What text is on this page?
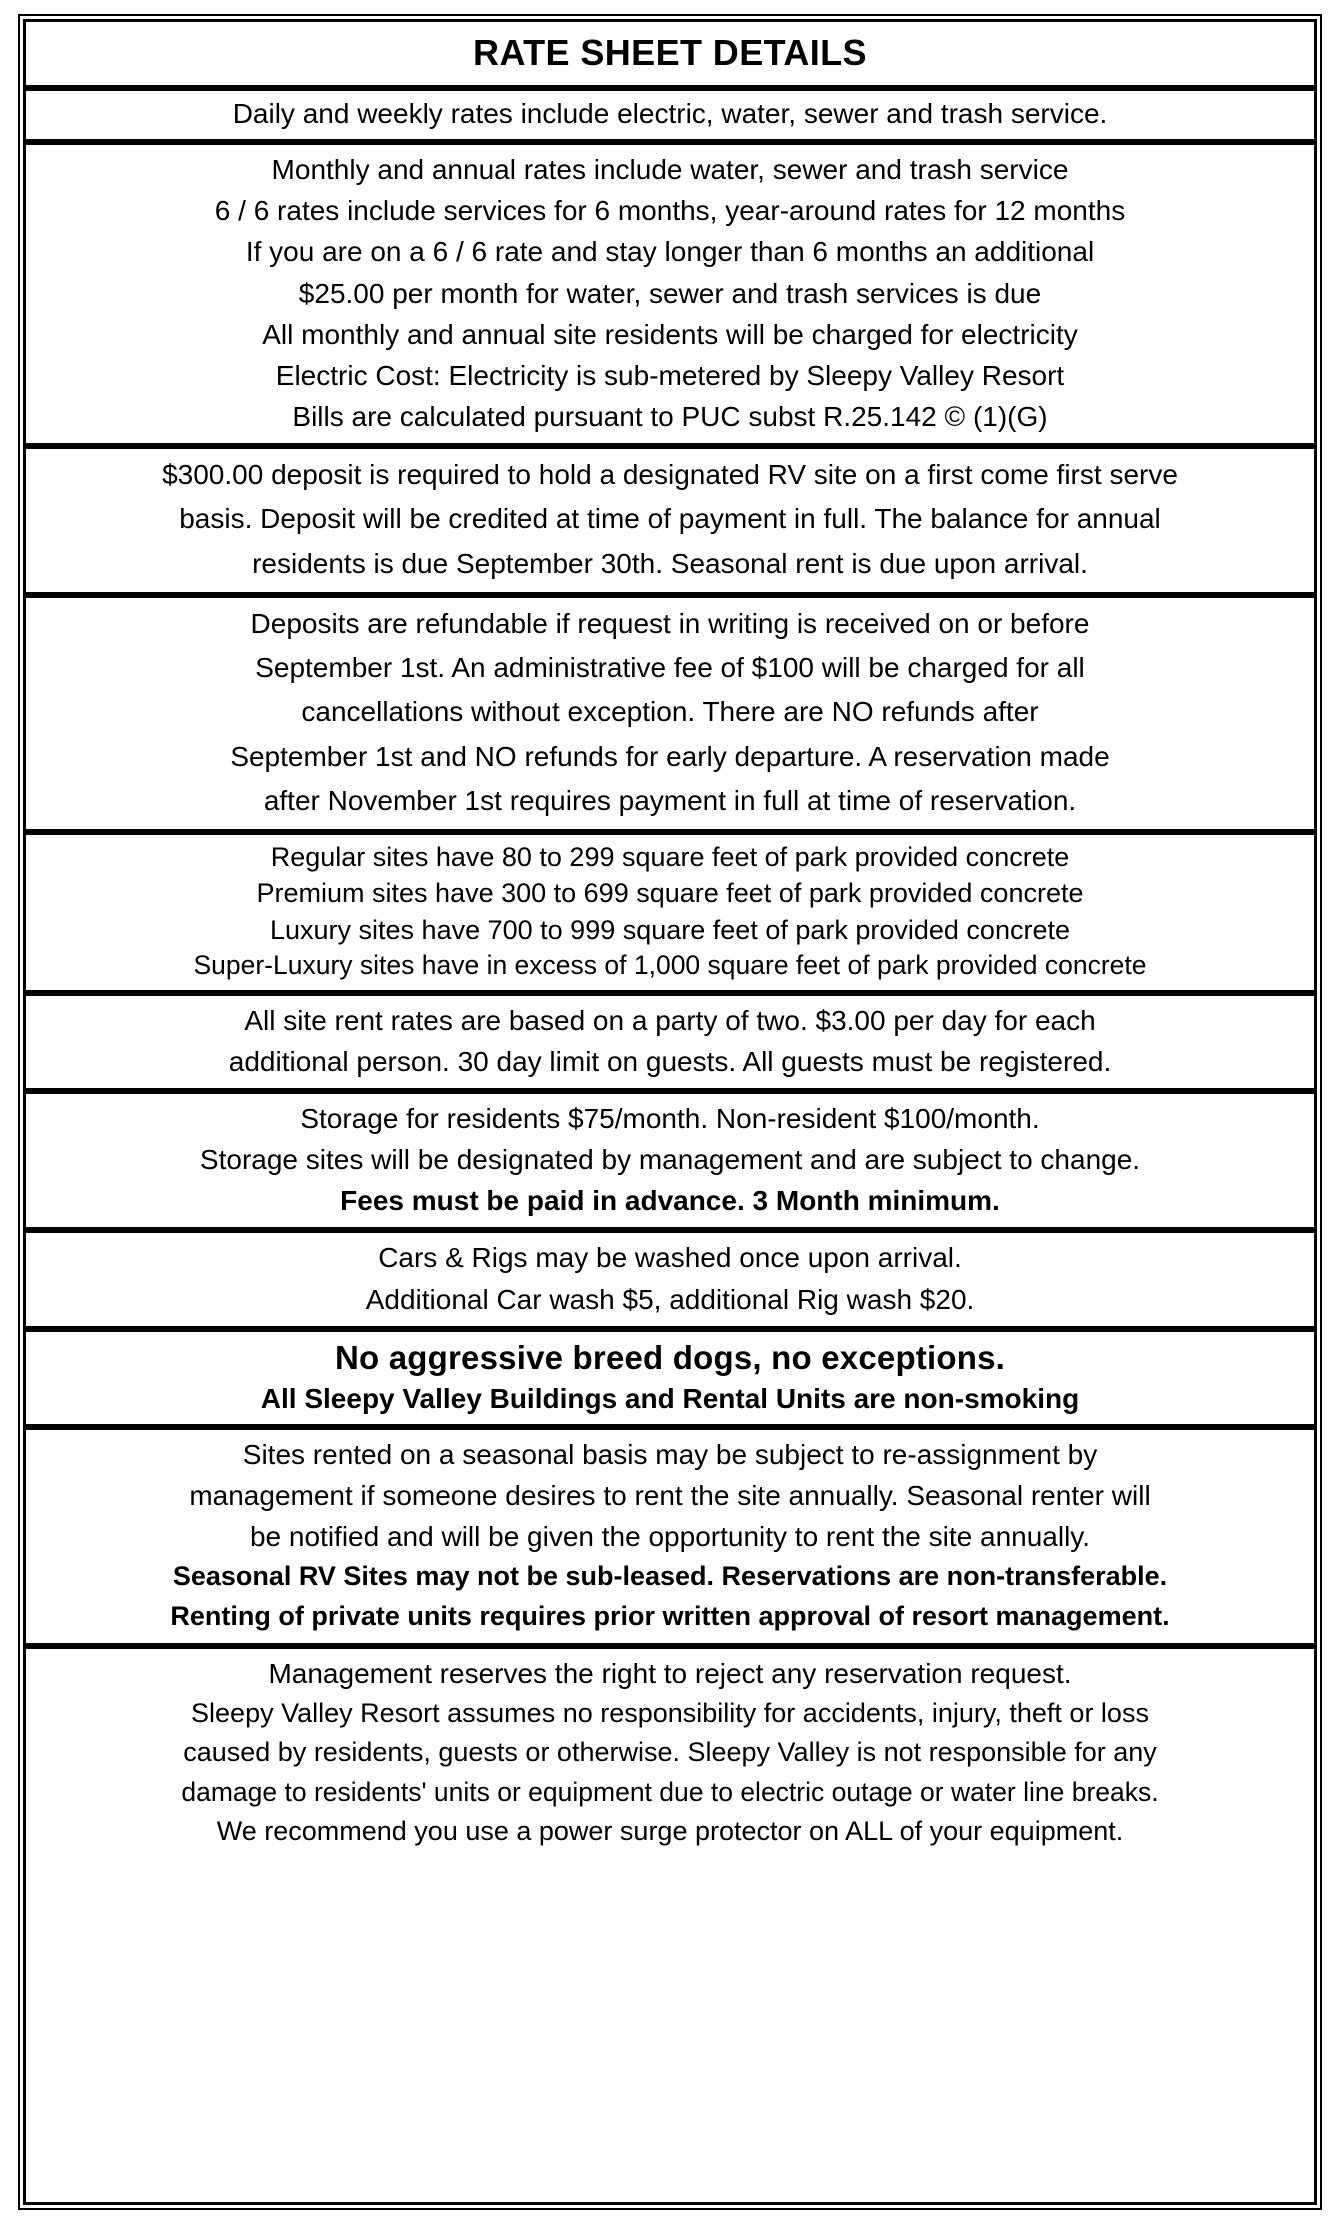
RATE SHEET DETAILS

Daily and weekly rates include electric, water, sewer and trash service.

Monthly and annual rates include water, sewer and trash service

6 / 6 rates include services for 6 months, year-around rates for 12 months

If you are on a 6 / 6 rate and stay longer than 6 months an additional

$25.00 per month for water, sewer and trash services is due

All monthly and annual site residents will be charged for electricity

Electric Cost: Electricity is sub-metered by Sleepy Valley Resort

Bills are calculated pursuant to PUC subst R.25.142 © (1)(G)

$300.00 deposit is required to hold a designated RV site on a first come first serve

basis. Deposit will be credited at time of payment in full. The balance for annual

residents is due September 30th. Seasonal rent is due upon arrival.

Deposits are refundable if request in writing is received on or before

September 1st. An administrative fee of $100 will be charged for all

cancellations without exception. There are NO refunds after

September 1st and NO refunds for early departure. A reservation made

after November 1st requires payment in full at time of reservation.

Regular sites have 80 to 299 square feet of park provided concrete

Premium sites have 300 to 699 square feet of park provided concrete

Luxury sites have 700 to 999 square feet of park provided concrete

Super-Luxury sites have in excess of 1,000 square feet of park provided concrete

All site rent rates are based on a party of two. $3.00 per day for each

additional person. 30 day limit on guests. All guests must be registered.

Storage for residents $75/month. Non-resident $100/month.

Storage sites will be designated by management and are subject to change.

Fees must be paid in advance. 3 Month minimum.

Cars & Rigs may be washed once upon arrival.

Additional Car wash $5, additional Rig wash $20.

No aggressive breed dogs, no exceptions.

All Sleepy Valley Buildings and Rental Units are non-smoking

Sites rented on a seasonal basis may be subject to re-assignment by

management if someone desires to rent the site annually. Seasonal renter will

be notified and will be given the opportunity to rent the site annually.

Seasonal RV Sites may not be sub-leased. Reservations are non-transferable.

Renting of private units requires prior written approval of resort management.

Management reserves the right to reject any reservation request.

Sleepy Valley Resort assumes no responsibility for accidents, injury, theft or loss

caused by residents, guests or otherwise. Sleepy Valley is not responsible for any

damage to residents' units or equipment due to electric outage or water line breaks.

We recommend you use a power surge protector on ALL of your equipment.
